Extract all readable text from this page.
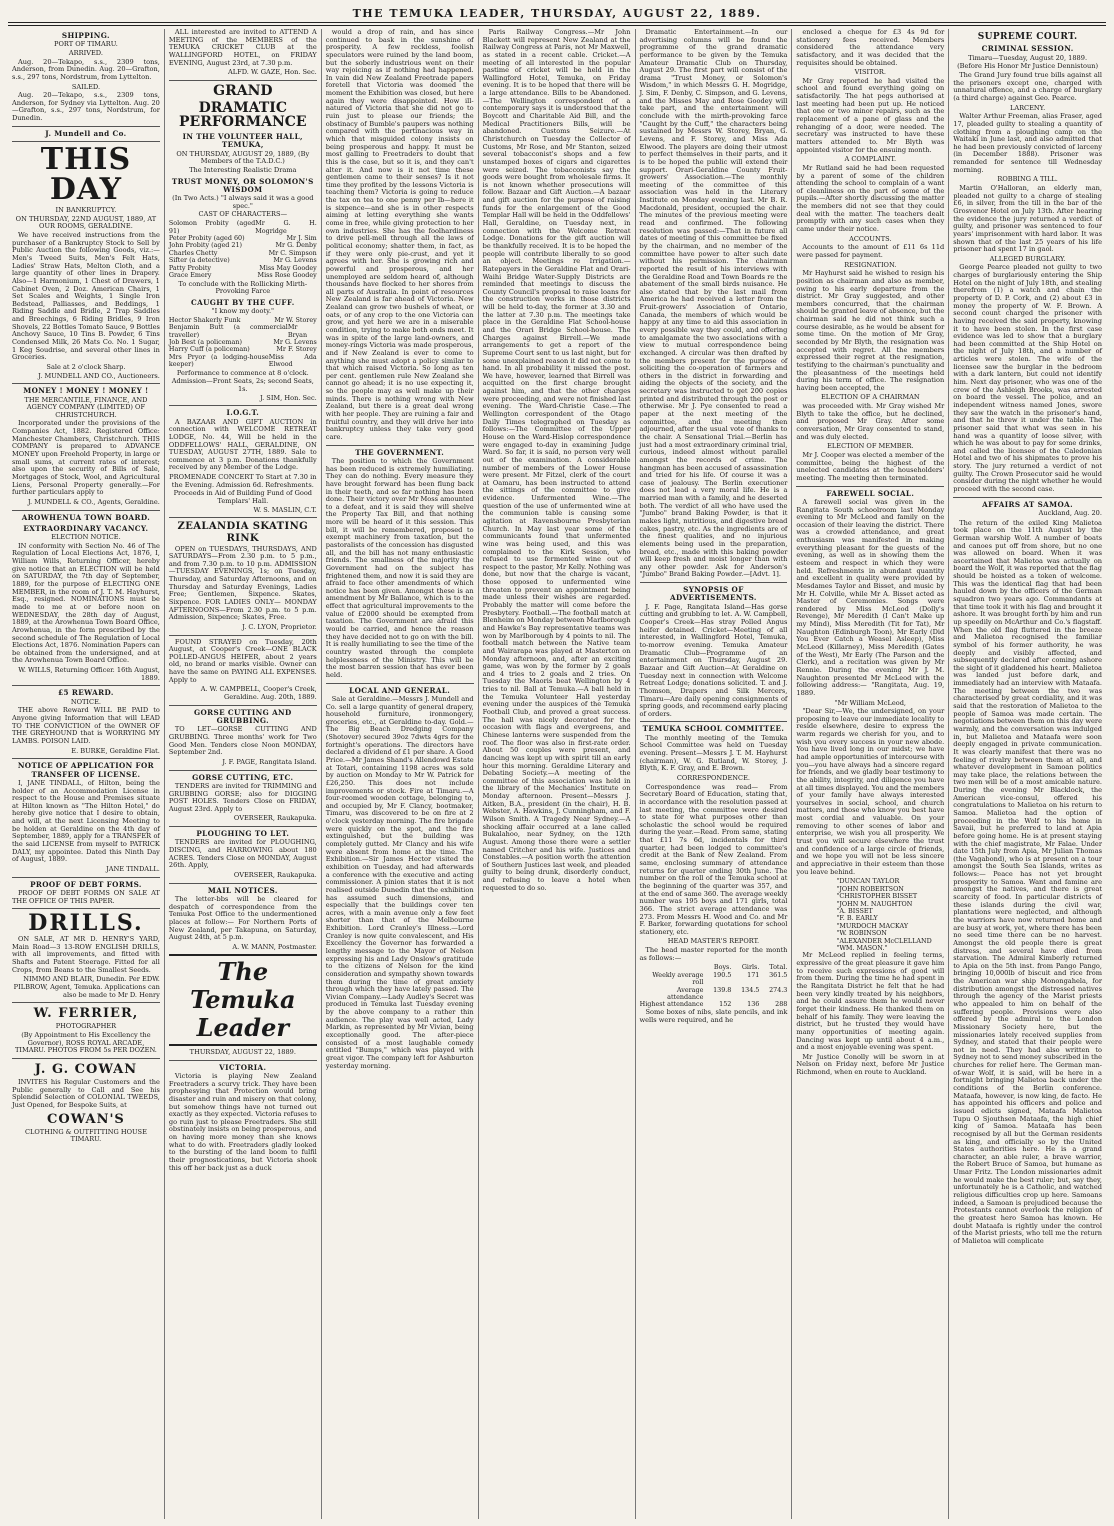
THE TEMUKA LEADER, THURSDAY, AUGUST 22, 1889.
SHIPPING.
PORT OF TIMARU.
ARRIVED.

Aug. 20—Tekapo, s.s., 2309 tons, Anderson, from Dunedin. Aug. 20—Grafton, s.s., 297 tons, Nordstrum, from Lyttelton.

SAILED.

Aug. 20—Tekapo, s.s., 2309 tons, Anderson, for Sydney via Lyttelton. Aug. 20—Grafton, s.s., 297 tons, Nordstrum, for Dunedin.

J. Mundell and Co.
THIS DAY
IN BANKRUPTCY.
ON THURSDAY, 22ND AUGUST, 1889, AT OUR ROOMS, GERALDINE.

We have received instructions from the purchaser of a Bankruptcy Stock to Sell by Public Auction the following Goods, viz.:— Men's Tweed Suits, Men's Felt Hats, Ladies' Straw Hats, Melton Cloth, and a large quantity of other lines in Drapery. Also—1 Harmonium, 1 Chest of Drawers, 1 Cabinet Oven, 2 Doz. American Chairs, 1 Set Scales and Weights, 1 Single Iron Bedstead, Palliasses, and Beddings, 1 Riding Saddle and Bridle, 2 Trap Saddles and Breechings, 6 Riding Bridles, 9 Iron Shovels, 22 Bottles Tomato Sauce, 9 Bottles Anchovy Sauce, 10 Tins B. Powder, 6 Tins Condensed Milk, 26 Mats Co. No. 1 Sugar, 1 Keg Soudrise, and several other lines in Groceries.

Sale at 2 o'clock Sharp.
J. MUNDELL AND CO., Auctioneers.
MONEY ! MONEY ! MONEY !
THE MERCANTILE, FINANCE, AND AGENCY COMPANY (LIMITED) OF CHRISTCHURCH.

Incorporated under the provisions of the Companies Act, 1882. Registered Office: Manchester Chambers, Christchurch. THIS COMPANY is prepared to ADVANCE MONEY upon Freehold Property, in large or small sums, at current rates of interest; also upon the security of Bills of Sale, Mortgages of Stock, Wool, and Agricultural Liens, Personal Property generally.—For further particulars apply to

J. MUNDELL & CO., Agents, Geraldine.
AROWHENUA TOWN BOARD.
EXTRAORDINARY VACANCY.
ELECTION NOTICE.

IN conformity with Section No. 46 of The Regulation of Local Elections Act, 1876, I, William Wills, Returning Officer, hereby give notice that an ELECTION will be held on SATURDAY, the 7th day of September, 1889, for the purpose of ELECTING ONE MEMBER, in the room of J. T. M. Hayhurst, Esq., resigned. NOMINATIONS must be made to me at or before noon on WEDNESDAY, the 28th day of August, 1889, at the Arowhenua Town Board Office, Arowhenua, in the form prescribed by the second schedule of The Regulation of Local Elections Act, 1876. Nomination Papers can be obtained from the undersigned, and at the Arowhenua Town Board Office.

W. WILLS, Returning Officer. 16th August, 1889.
£5 REWARD.
NOTICE.

THE above Reward WILL BE PAID to Anyone giving Information that will LEAD TO THE CONVICTION of the OWNER OF THE GREYHOUND that is WORRYING MY LAMBS. POISON LAID.

E. BURKE, Geraldine Flat.
NOTICE OF APPLICATION FOR TRANSFER OF LICENSE.

I, JANE TINDALL, of Hilton, being the holder of an Accommodation License in respect to the House and Premises situate at Hilton known as "The Hilton Hotel," do hereby give notice that I desire to obtain, and will, at the next Licensing Meeting to be holden at Geraldine on the 4th day of September, 1889, apply for a TRANSFER of the said LICENSE from myself to PATRICK DALY, my appointee. Dated this Ninth Day of August, 1889.

JANE TINDALL.
PROOF OF DEBT FORMS.

PROOF OF DEBT FORMS ON SALE AT THE OFFICE OF THIS PAPER.

DRILLS.

ON SALE, AT MR D. HENRY'S YARD, Main Road—3 13-ROW ENGLISH DRILLS, with all improvements, and fitted with Shafts and Patent Steerage. Fitted for all Crops, from Beans to the Smallest Seeds.

NIMMO AND BLAIR, Dunedin. Per EDW. PILBROW, Agent, Temuka. Applications can also be made to Mr D. Henry
W. FERRIER,
PHOTOGRAPHER
(By Appointment to His Excellency the Governor), ROSS ROYAL ARCADE, TIMARU. PHOTOS FROM 5s PER DOZEN.
J. G. COWAN

INVITES his Regular Customers and the Public generally to Call and See his Splendid Selection of COLONIAL TWEEDS, Just Opened, for Bespoke Suits, at

COWAN'S
CLOTHING & OUTFITTING HOUSE TIMARU.

ALL interested are invited to ATTEND A MEETING of the MEMBERS of the TEMUKA CRICKET CLUB at the WALLINGFORD HOTEL, on FRIDAY EVENING, August 23rd, at 7.30 p.m.

ALFD. W. GAZE, Hon. Sec.
GRAND
DRAMATIC PERFORMANCE
IN THE VOLUNTEER HALL, TEMUKA,
ON THURSDAY, AUGUST 29, 1889, (By Members of the T.A.D.C.)
The Interesting Realistic Drama
TRUST MONEY, OR SOLOMON'S WISDOM
(In Two Acts.) "I always said it was a good spec."
CAST OF CHARACTERS—
Solomon Probity (aged 91)
Mr G. H. Mogridge
Peter Probity (aged 60)	Mr J. Sim
John Probity (aged 21)	Mr G. Denby
Charles Chetty	Mr C. Simpson
Sifter (a detective)	Mr G. Levens
Patty Probity	Miss May Goodey
Grace Emery	Miss Rose Goodey
To conclude with the Rollicking Mirth-Provoking Farce
CAUGHT BY THE CUFF.
"I know my dooty."
Hector Shakerly Funk	Mr W. Storey
Benjamin Butt (a commercial traveller)
Mr Bryan
Job Best (a policeman)	Mr G. Levens
Harry Cuff (a policeman)	Mr F. Storey
Mrs Pryor (a lodging-house keeper)
Miss Ada Elwood
Performance to commence at 8 o'clock.
Admission—Front Seats, 2s; second Seats, 1s.
J. SIM, Hon. Sec.
I.O.G.T.

A BAZAAR AND GIFT AUCTION in connection with WELCOME RETREAT LODGE, No. 44, Will be held in the ODDFELLOWS' HALL, GERALDINE, ON TUESDAY, AUGUST 27TH, 1889. Sale to commence at 3 p.m. Donations thankfully received by any Member of the Lodge.

PROMENADE CONCERT To Start at 7.30 in the Evening. Admission 6d. Refreshments.
Proceeds in Aid of Building Fund of Good Templars' Hall.
W. S. MASLIN, C.T.
ZEALANDIA SKATING RINK

OPEN on TUESDAYS, THURSDAYS, AND SATURDAYS—From 2.30 p.m. to 5 p.m., and from 7.30 p.m. to 10 p.m. ADMISSION—TUESDAY EVENINGS, 1s; on Tuesday, Thursday, and Saturday Afternoons, and on Thursday and Saturday Evenings, Ladies Free; Gentlemen, Sixpence. Skates, Sixpence. FOR LADIES ONLY— MONDAY AFTERNOONS—From 2.30 p.m. to 5 p.m. Admission, Sixpence; Skates, Free.

J. C. LYON, Proprietor.

FOUND STRAYED on Tuesday, 20th August, at Cooper's Creek—ONE BLACK POLLED-ANGUS HEIFER, about 2 years old, no brand or marks visible. Owner can have the same on PAYING ALL EXPENSES. Apply to

A. W. CAMPBELL, Cooper's Creek, Geraldine. Aug. 20th, 1889.
GORSE CUTTING AND GRUBBING.

TO LET—GORSE CUTTING AND GRUBBING. Three months' work for Two Good Men. Tenders close Noon MONDAY, September 2nd.

J. F. PAGE, Rangitata Island.
GORSE CUTTING, ETC.

TENDERS are invited for TRIMMING and GRUBBING GORSE; also for DIGGING POST HOLES. Tenders Close on FRIDAY, August 23rd. Apply to

OVERSEER, Raukapuka.
PLOUGHING TO LET.

TENDERS are invited for PLOUGHING, DISCING, and HARROWING about 180 ACRES. Tenders Close on MONDAY, August 26th. Apply,

OVERSEER, Raukapuka.
MAIL NOTICES.

The letter-bbs will be cleared for despatch of correspondence from the Temuka Post Office to the undermentioned places at follow:— For Northern Ports of New Zealand, per Takapuna, on Saturday, August 24th, at 5 p.m.

A. W. MANN, Postmaster.
The Temuka Leader
THURSDAY, AUGUST 22, 1889.
VICTORIA.

Victoria is playing New Zealand Freetraders a scurvy trick. They have been prophesying that Protection would bring disaster and ruin and misery on that colony, but somehow things have not turned out exactly as they expected. Victoria refuses to go ruin just to please Freetraders. She still obstinately insists on being prosperous, and on having more money than she knows what to do with. Freetraders gladly looked to the bursting of the land boom to fulfil their prognostications, but Victoria shook this off her back just as a duck

would a drop of rain, and has since continued to bask in the sunshine of prosperity. A few reckless, foolish speculators were ruined by the land boom, but the soberly industrious went on their way rejoicing as if nothing had happened. In vain did New Zealand Freetrade papers foretell that Victoria was doomed the moment the Exhibition was closed, but here again they were disappointed. How ill-natured of Victoria that she did not go to ruin just to please our friends; the obstinacy of Bumble's paupers was nothing compared with the pertinacious way in which that misguided colony insists on being prosperous and happy. It must be most galling to Freetraders to doubt that this is the case, but so it is, and they can't alter it. And now is it not time these gentlemen came to their senses? Is it not time they profited by the lessons Victoria is teaching them? Victoria is going to reduce the tax on tea to one penny per lb—here it is sixpence—and she is in other respects aiming at letting everything she wants come in free, while giving protection to her own industries. She has the foolhardiness to drive pell-mell through all the laws of political economy; shatter them, in fact, as if they were only pie-crust, and yet it agrees with her. She is growing rich and powerful and prosperous, and her unemployed are seldom heard of, although thousands have flocked to her shores from all parts of Australia. In point of resources New Zealand is far ahead of Victoria. New Zealand can grow two bushels of wheat, or oats, or of any crop to the one Victoria can grow, and yet here we are in a miserable condition, trying to make both ends meet. It was in spite of the large land-owners, and money-rings Victoria was made prosperous, and if New Zealand is ever to come to anything she must adopt a policy similar to that which raised Victoria. So long as ten per cent. gentlemen rule New Zealand she cannot go ahead; it is no use expecting it, so the people may as well make up their minds. There is nothing wrong with New Zealand, but there is a great deal wrong with her people. They are ruining a fair and fruitful country, and they will drive her into bankruptcy unless they take very good care.

THE GOVERNMENT.

The position to which the Government has been reduced is extremely humiliating. They can do nothing. Every measure they have brought forward has been flung back in their teeth, and so far nothing has been done. Their victory over Mr Moss amounted to a defeat, and it is said they will shelve the Property Tax Bill, and that nothing more will be heard of it this session. This bill, it will be remembered, proposed to exempt machinery from taxation, but the pastoralists of the concession has disgusted all, and the bill has not many enthusiastic friends. The smallness of the majority the Government had on the subject has frightened them, and now it is said they are afraid to face other amendments of which notice has been given. Amongst these is an amendment by Mr Ballance, which is to the effect that agricultural improvements to the value of £2000 should be exempted from taxation. The Government are afraid this would be carried, and hence the reason they have decided not to go on with the bill. It is really humiliating to see the time of the country wasted through the complete helplessness of the Ministry. This will be the most barren session that has ever been held.

LOCAL AND GENERAL.

Sale at Geraldine.—Messrs J. Mundell and Co. sell a large quantity of general drapery, household furniture, ironmongery, groceries, etc., at Geraldine to-day. Gold.—The Big Beach Dredging Company (Shotover) secured 39oz 7dwts 4grs for the fortnight's operations. The directors have declared a dividend of £1 per share. A Good Price.—Mr James Shand's Allendowd Estate at Totari, containing 1198 acres was sold by auction on Monday to Mr W. Patrick for £26,250. This does not include improvements or stock. Fire at Timaru.—A four-roomed wooden cottage, belonging to, and occupied by, Mr F. Clancy, bootmaker, Timaru, was discovered to be on fire at 2 o'clock yesterday morning. The fire brigade were quickly on the spot, and the fire extinguished, but the building was completely gutted. Mr Clancy and his wife were absent from home at the time. The Exhibition.—Sir James Hector visited the exhibition on Tuesday, and had afterwards a conference with the executive and acting commissioner. A pinion states that it is not realised outside Dunedin that the exhibition has assumed such dimensions, and especially that the buildings cover ten acres, with a main avenue only a few feet shorter than that of the Melbourne Exhibition. Lord Cranley's Illness.—Lord Cranley is now quite convalescent, and His Excellency the Governor has forwarded a lengthy message to the Mayor of Nelson expressing his and Lady Onslow's gratitude to the citizens of Nelson for the kind consideration and sympathy shown towards them during the time of great anxiety through which they have lately passed. The Vivian Company.—Lady Audley's Secret was produced in Temuka last Tuesday evening by the above company to a rather thin audience. The play was well acted, Lady Markin, as represented by Mr Vivian, being exceptionally good. The after-piece consisted of a most laughable comedy entitled "Bumps," which was played with great vigor. The company left for Ashburton yesterday morning.

Paris Railway Congress.—Mr John Blackett will represent New Zealand at the Railway Congress at Paris, not Mr Maxwell, as stated in a recent cable. Cricket.—A meeting of all interested in the popular pastime of cricket will be held in the Wallingford Hotel, Temuka, on Friday evening. It is to be hoped that there will be a large attendance. Bills to be Abandoned.—The Wellington correspondent of a contemporary says it is understood that the Boycott and Charitable Aid Bill, and the Medical Practitioners Bills, will be abandoned. Customs Seizure.—At Christchurch on Tuesday the Collector of Customs, Mr Rose, and Mr Stanton, seized several tobacconist's shops and a few unstamped boxes of cigars and cigarettes were seized. The tobacconists say the goods were bought from wholesale firms. It is not known whether prosecutions will follow. Bazaar and Gift Auction.—A bazaar and gift auction for the purpose of raising funds for the enlargement of the Good Templar Hall will be held in the Oddfellows' Hall, Geraldine, on Tuesday next, in connection with the Welcome Retreat Lodge. Donations for the gift auction will be thankfully received. It is to be hoped the people will contribute liberally to so good an object. Meetings re Irrigation.—Ratepayers in the Geraldine Flat and Orari-Waihi Bridge Water-Supply Districts are reminded that meetings to discuss the County Council's proposal to raise loans for the construction works in those districts will be held to-day, the former at 3.30 and the latter at 7.30 p.m. The meetings take place in the Geraldine Flat School-house and the Orari Bridge School-house. The Charges against Birrell.—We made arrangements to get a report of the Supreme Court sent to us last night, but for some unexplained reason it did not come to hand. In all probability it missed the post. We have, however, learned that Birrell was acquitted on the first charge brought against him, and that the other charges were proceeding, and were not finished last evening. The Ward-Christie Case.—The Wellington correspondent of the Otago Daily Times telegraphed on Tuesday as follows:—The Committee of the Upper House on the Ward-Hislop correspondence were engaged to-day in examining Judge Ward. So far, it is said, no person very well out of the examination. A considerable number of members of the Lower House were present. Mr Fitzel, clerk of the court at Oamaru, has been instructed to attend the sittings of the committee to give evidence. Unfermented Wine.—The question of the use of unfermented wine at the communion table is causing some agitation at Ravensbourne Presbyterian Church. In May last year some of the communicants found that unfermented wine was being used, and this was complained to the Kirk Session, who refused to use fermented wine out of respect to the pastor, Mr Kelly. Nothing was done, but now that the charge is vacant, those opposed to unfermented wine threaten to prevent an appointment being made unless their wishes are regarded. Probably the matter will come before the Presbytery. Football.—The football match at Blenheim on Monday between Marlborough and Hawke's Bay representative teams was won by Marlborough by 4 points to nil. The football match between the Native team and Wairarapa was played at Masterton on Monday afternoon, and, after an exciting game, was won by the former by 2 goals and 4 tries to 2 goals and 2 tries. On Tuesday the Maoris beat Wellington by 4 tries to nil. Ball at Temuka.—A ball held in the Temuka Volunteer Hall yesterday evening under the auspices of the Temuka Football Club, and proved a great success. The hall was nicely decorated for the occasion with flags and evergreens, and Chinese lanterns were suspended from the roof. The floor was also in first-rate order. About 50 couples were present, and dancing was kept up with spirit till an early hour this morning. Geraldine Literary and Debating Society.—A meeting of the committee of this association was held in the library of the Mechanics' Institute on Monday afternoon. Present—Messrs J. Aitken, B.A., president (in the chair), H. B. Webster, A. Hawkins, J. Cunningham, and F. Wilson Smith. A Tragedy Near Sydney.—A shocking affair occurred at a lane called Bukalahoo, near Sydney, on the 12th August. Among those there were a settler named Critcher and his wife. Justices and Constables.—A position worth the attention of Southern Justices last week, and pleaded guilty to being drunk, disorderly conduct, and refusing to leave a hotel when requested to do so.

Dramatic Entertainment.—In our advertising columns will be found the programme of the grand dramatic performance to be given by the Temuka Amateur Dramatic Club on Thursday, August 29. The first part will consist of the drama "Trust Money, or Solomon's Wisdom," in which Messrs G. H. Mogridge, J. Sim, F. Denby, C. Simpson, and G. Levens, and the Misses May and Rose Goodey will take part, and the entertainment will conclude with the mirth-provoking farce "Caught by the Cuff," the characters being sustained by Messrs W. Storey, Bryan, G. Levens, and F. Storey, and Miss Ada Elwood. The players are doing their utmost to perfect themselves in their parts, and it is to be hoped the public will extend their support. Orari-Geraldine County Fruit-growers' Association.—The monthly meeting of the committee of this association was held in the Literary Institute on Monday evening last. Mr B. R. Macdonald, president, occupied the chair. The minutes of the previous meeting were read and confirmed. The following resolution was passed:—That in future all dates of meeting of this committee be fixed by the chairman, and no member of the committee have power to alter such date without his permission. The chairman reported the result of his interviews with the Geraldine Road and Town Boards re the abatement of the small birds nuisance. He also stated that by the last mail from America he had received a letter from the Fruit-growers' Association of Ontario, Canada, the members of which would be happy at any time to aid this association in every possible way they could, and offering to amalgamate the two associations with a view to mutual correspondence being exchanged. A circular was then drafted by the members present for the purpose of soliciting the co-operation of farmers and others in the district in forwarding and aiding the objects of the society, and the secretary was instructed to get 200 copies printed and distributed through the post or otherwise. Mr J. Pye consented to read a paper at the next meeting of the committee, and the meeting then adjourned, after the usual vote of thanks to the chair. A Sensational Trial.—Berlin has just had a most extraordinary criminal trial, curious, indeed almost without parallel amongst the records of crime. The hangman has been accused of assassination and tried for his life. Of course it was a case of jealousy. The Berlin executioner does not lead a very moral life. He is a married man with a family, and he deserted both. The verdict of all who have used the "Jumbo" brand Baking Powder, is that it makes light, nutritious, and digestive bread cakes, pastry, etc. As the ingredients are of the finest qualities, and no injurious elements being used in the preparation, bread, etc., made with this baking powder will keep fresh and moist longer than with any other powder. Ask for Anderson's "Jumbo" Brand Baking Powder.—[Advt. 1].

SYNOPSIS OF ADVERTISEMENTS.

J. F. Page, Rangitata Island—Has gorse cutting and grubbing to let. A. W. Campbell, Cooper's Creek—Has stray Polled Angus heifer detained. Cricket—Meeting of all interested, in Wallingford Hotel, Temuka, to-morrow evening. Temuka Amateur Dramatic Club—Programme of an entertainment on Thursday, August 29. Bazaar and Gift Auction—At Geraldine on Tuesday next in connection with Welcome Retreat Lodge; donations solicited. T. and J. Thomson, Drapers and Silk Mercers, Timaru—Are daily opening consignments of spring goods, and recommend early placing of orders.

TEMUKA SCHOOL COMMITTEE.

The monthly meeting of the Temuka School Committee was held on Tuesday evening. Present—Messrs J. T. M. Hayhurst (chairman), W. G. Rutland, W. Storey, J. Blyth, K. F. Gray, and E. Brown.

CORRESPONDENCE.

Correspondence was read— From Secretary Board of Education, stating that, in accordance with the resolution passed at last meeting, the committee were desired to state for what purposes other than scholastic the school would be required during the year.—Read. From same, stating that £11 7s 6d, incidentals for third quarter, had been lodged to committee's credit at the Bank of New Zealand. From same, enclosing summary of attendance returns for quarter ending 30th June. The number on the roll of the Temuka school at the beginning of the quarter was 357, and at the end of same 360. The average weekly number was 195 boys and 171 girls, total 366. The strict average attendance was 273. From Messrs H. Wood and Co. and Mr F. Barker, forwarding quotations for school stationery, etc.

HEAD MASTER'S REPORT.

The head master reported for the month as follows:—

Boys.	Girls.	Total.
Weekly average roll
190.5	171	361.5
Average attendance
139.8	134.5	274.3
Highest attendance	152	136	288

Some boxes of nibs, slate pencils, and ink wells were required, and he

enclosed a cheque for £3 4s 9d for stationery fees received. Members considered the attendance very satisfactory, and it was decided that the requisites should be obtained.

VISITOR.

Mr Gray reported he had visited the school and found everything going on satisfactorily. The hat pegs authorised at last meeting had been put up. He noticed that one or two minor repairs, such as the replacement of a pane of glass and the rehanging of a door, were needed. The secretary was instructed to have these matters attended to. Mr Blyth was appointed visitor for the ensuing month.

A COMPLAINT.

Mr Rutland said he had been requested by a parent of some of the children attending the school to complain of a want of cleanliness on the part of some of the pupils.—After shortly discussing the matter the members did not see that they could deal with the matter. The teachers dealt promptly with any such cases when they came under their notice.

ACCOUNTS.

Accounts to the amount of £11 6s 11d were passed for payment.

RESIGNATION.

Mr Hayhurst said he wished to resign his position as chairman and also as member, owing to his early departure from the district. Mr Gray suggested, and other members concurred, that the chairman should be granted leave of absence, but the chairman said he did not think such a course desirable, as he would be absent for some time. On the motion of Mr Gray, seconded by Mr Blyth, the resignation was accepted with regret. All the members expressed their regret at the resignation, testifying to the chairman's punctuality and the pleasantness of the meetings held during his term of office. The resignation having been accepted, the

ELECTION OF A CHAIRMAN

was proceeded with. Mr Gray wished Mr Blyth to take the office, but he declined, and proposed Mr Gray. After some conversation, Mr Gray consented to stand, and was duly elected.

ELECTION OF MEMBER.

Mr J. Cooper was elected a member of the committee, being the highest of the unelected candidates at the householders' meeting. The meeting then terminated.

FAREWELL SOCIAL.

A farewell social was given in the Rangitata South schoolroom last Monday evening to Mr McLeod and family on the occasion of their leaving the district. There was a crowded attendance, and great enthusiasm was manifested in making everything pleasant for the guests of the evening, as well as in showing them the esteem and respect in which they were held. Refreshments in abundant quantity and excellent in quality were provided by Mesdames Taylor and Bisset, and music by Mr H. Colville, while Mr A. Bisset acted as Master of Ceremonies. Songs were rendered by Miss McLeod (Dolly's Revenge), Mr Meredith (I Can't Make up my Mind), Miss Meredith (Tit for Tat), Mr Naughton (Edinburgh Toon), Mr Early (Did You Ever Catch a Weasel Asleep), Miss McLeod (Killarney), Miss Meredith (Gates of the West), Mr Early (The Parson and the Clerk), and a recitation was given by Mr Rennie. During the evening Mr J. M. Naughton presented Mr McLeod with the following address:— "Rangitata, Aug. 19, 1889.

"Mr William McLeod,

"Dear Sir,—We, the undersigned, on your proposing to leave our immediate locality to reside elsewhere, desire to express the warm regards we cherish for you, and to wish you every success in your new abode. You have lived long in our midst; we have had ample opportunities of intercourse with you—you have always had a sincere regard for friends, and we gladly bear testimony to the ability, integrity, and diligence you have at all times displayed. You and the members of your family have always interested yourselves in social, school, and church matters, and those who know you best have most cordial and valuable. On your removing to other scenes of labor and enterprise, we wish you all prosperity. We trust you will secure elsewhere the trust and confidence of a large circle of friends, and we hope you will not be less sincere and appreciative in their esteem than those you leave behind.

"DUNCAN TAYLOR
"JOHN ROBERTSON
"CHRISTOPHER BISSET
"JOHN M. NAUGHTON
"A. BISSET
"F. B. EARLY
"MURDOCH MACKAY
"W. ROBINSON
"ALEXANDER McCLELLAND
"WM. MASON."

Mr McLeod replied in feeling terms, expressive of the great pleasure it gave him to receive such expressions of good will from them. During the time he had spent in the Rangitata District he felt that he had been very kindly treated by his neighbors, and he could assure them he would never forget their kindness. He thanked them on behalf of his family. They were leaving the district, but he trusted they would have many opportunities of meeting again. Dancing was kept up until about 4 a.m., and a most enjoyable evening was spent.

Mr Justice Conolly will be sworn in at Nelson on Friday next, before Mr Justice Richmond, when en route to Auckland.

SUPREME COURT.
CRIMINAL SESSION.
Timaru—Tuesday, August 20, 1889.
(Before His Honor Mr Justice Dennistoun)

The Grand Jury found true bills against all the prisoners except one, charged with unnatural offence, and a charge of burglary (a third charge) against Geo. Pearce.

LARCENY.

Walter Arthur Freeman, alias Fraser, aged 17, pleaded guilty to stealing a quantity of clothing from a ploughing camp on the Waitaki in June last, and also admitted that he had been previously convicted of larceny (in December 1888). Prisoner was remanded for sentence till Wednesday morning.

ROBBING A TILL.

Martin O'Halloran, an elderly man, pleaded not guilty to a charge of stealing £6, in silver, from the till in the bar of the Grosvenor Hotel on July 13th. After hearing the evidence the jury returned a verdict of guilty, and prisoner was sentenced to four years' imprisonment with hard labor. It was shown that of the last 25 years of his life prisoner had spent 17 in gaol.

ALLEGED BURGLARY.

George Pearce pleaded not guilty to two charges of burglariously entering the Ship Hotel on the night of July 18th, and stealing therefrom (1) a watch and chain the property of D. P. Cork, and (2) about £3 in money the property of W. F. Brown. A second count charged the prisoner with having received the said property, knowing it to have been stolen. In the first case evidence was led to show that a burglary had been committed at the Ship Hotel on the night of July 18th, and a number of articles were stolen. The wife of the licensee saw the burglar in the bedroom with a dark lantern, but could not identify him. Next day prisoner, who was one of the crew of the Ashleigh Brooks, was arrested on board the vessel. The police, and an independent witness named Jones, swore they saw the watch in the prisoner's hand, and that he threw it under the table. The prisoner said that what was seen in his hand was a quantity of loose silver, with which he was about to pay for some drinks, and called the licensee of the Caledonian Hotel and two of his shipmates to prove his story. The jury returned a verdict of not guilty. The Crown Prosecutor said he would consider during the night whether he would proceed with the second case.

AFFAIRS AT SAMOA.
Auckland, Aug. 20.

The return of the exiled King Malietoa took place on the 11th August by the German warship Wolf. A number of boats and canoes put off from shore, but no one was allowed on board. When it was ascertained that Malietoa was actually on board the Wolf, it was reported that the flag should be hoisted as a token of welcome. This was the identical flag that had been hauled down by the officers of the German squadron two years ago. Commandants at that time took it with his flag and brought it ashore. It was brought forth by him and run up speedily on McArthur and Co.'s flagstaff. When the old flag fluttered in the breeze and Malietoa recognised the familiar symbol of his former authority, he was deeply and visibly affected, and subsequently declared after coming ashore the sight of it gladdened his heart. Malietoa was landed just before dark, and immediately had an interview with Mataafa. The meeting between the two was characterised by great cordiality, and it was said that the restoration of Malietoa to the people of Samoa was made certain. The negotiations between them on this day were warmly, and the conversation was indulged in, but Malietoa and Mataafa were soon deeply engaged in private communication. It was clearly manifest that there was no feeling of rivalry between them at all, and whatever development in Samoan politics may take place, the relations between the two men will be of a most amicable nature. During the evening Mr Blacklock, the American vice-consul, offered his congratulations to Malietoa on his return to Samoa. Malietoa had the option of proceeding in the Wolf to his home in Savaii, but he preferred to land at Apia before going home. He is at present staying with the chief magistrate, Mr Falae. Under date 15th July from Apia, Mr Julian Thomas (the Vagabond), who is at present on a tour amongst the South Sea Islands, writes as follows:— Peace has not yet brought prosperity to Samoa. Want and famine are amongst the natives, and there is great scarcity of food. In particular districts of these islands during the civil war, plantations were neglected, and although the warriors have now returned home and are busy at work, yet, where there has been no seed time there can be no harvest. Amongst the old people there is great distress, and several have died from starvation. The Admiral Kimberly returned to Apia on the 5th inst. from Pango Pango, bringing 10,000lb of biscuit and rice from the American war ship Monongahela, for distribution amongst the distressed natives through the agency of the Marist priests who appealed to him on behalf of the suffering people. Provisions were also offered by the admiral to the London Missionary Society here, but the missionaries lately received supplies from Sydney, and stated that their people were not in need. They had also written to Sydney not to send money subscribed in the churches for relief here. The German man-of-war Wolf, it is said, will be here in a fortnight bringing Malietoa back under the conditions of the Berlin conference. Mataafa, however, is now king, de facto. He has appointed his officers and police and issued edicts signed, Mataafa Malietoa Tupu O Sjouthsen Mataafa, the high chief king of Samoa. Mataafa has been recognised by all but the German residents as king, and officially so by the United States authorities here. He is a grand character, an able ruler, a brave warrior, the Robert Bruce of Samoa, but humane as Umar Fritz. The London missionaries admit he would make the best ruler; but, say they, unfortunately he is a Catholic, and watched religious difficulties crop up here. Samoans indeed, a Samoan is prejudiced because the Protestants cannot overlook the religion of the greatest hero Samoa has known. He doubt Mataafa is rightly under the control of the Marist priests, who tell me the return of Malietoa will complicate
